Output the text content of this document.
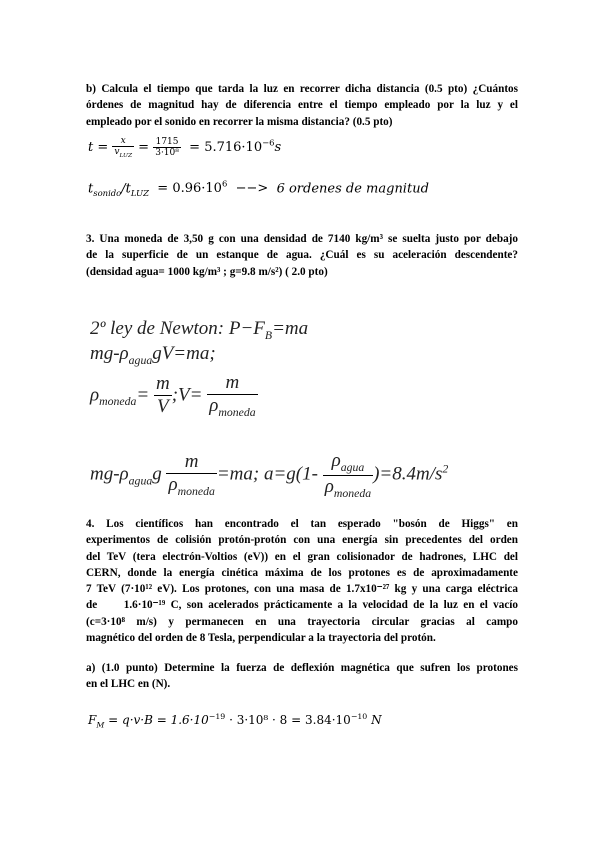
b) Calcula el tiempo que tarda la luz en recorrer dicha distancia (0.5 pto) ¿Cuántos
órdenes de magnitud hay de diferencia entre el tiempo empleado por la luz y el
empleado por el sonido en recorrer la misma distancia? (0.5 pto)
$t = \frac{x}{v_{LUZ}} = \frac{1715}{\text{3·10⁸}} = 5.716\cdot 10^{-6}s$
$t_{sonido}/t_{LUZ} = 0.96\cdot 10^6$ −−> 6 ordenes de magnitud
3. Una moneda de 3,50 g con una densidad de 7140 kg/m³ se suelta justo por debajo
de la superficie de un estanque de agua. ¿Cuál es su aceleración descendente?
(densidad agua= 1000 kg/m³ ; g=9.8 m/s²) ( 2.0 pto)
2º ley de Newton: $P-F_B=ma$
$mg-\rho_{agua}gV=ma$;
$\rho_{moneda}= \frac{m}{V}$ ;V= $\frac{m}{\rho_{moneda}}$
$mg-\rho_{agua}g \frac{m}{\rho_{moneda}} =ma$; $a=g(1- \frac{\rho_{agua}}{\rho_{moneda}} )=8.4m/s^2$
4. Los científicos han encontrado el tan esperado "bosón de Higgs" en
experimentos de colisión protón-protón con una energía sin precedentes del orden
del TeV (tera electrón-Voltios (eV)) en el gran colisionador de hadrones, LHC del
CERN, donde la energía cinética máxima de los protones es de aproximadamente
7 TeV (7·10¹² eV). Los protones, con una masa de 1.7x10⁻²⁷ kg y una carga eléctrica
de     1.6·10⁻¹⁹ C, son acelerados prácticamente a la velocidad de la luz en el vacío
(c=3·10⁸ m/s) y permanecen en una trayectoria circular gracias al campo
magnético del orden de 8 Tesla, perpendicular a la trayectoria del protón.
a) (1.0 punto) Determine la fuerza de deflexión magnética que sufren los protones
en el LHC en (N).
$F_M = q\cdot v\cdot B = 1.6\cdot 10^{-19} \cdot 3\cdot 10^8 \cdot 8 = 3.84\cdot 10^{-10}$ N
